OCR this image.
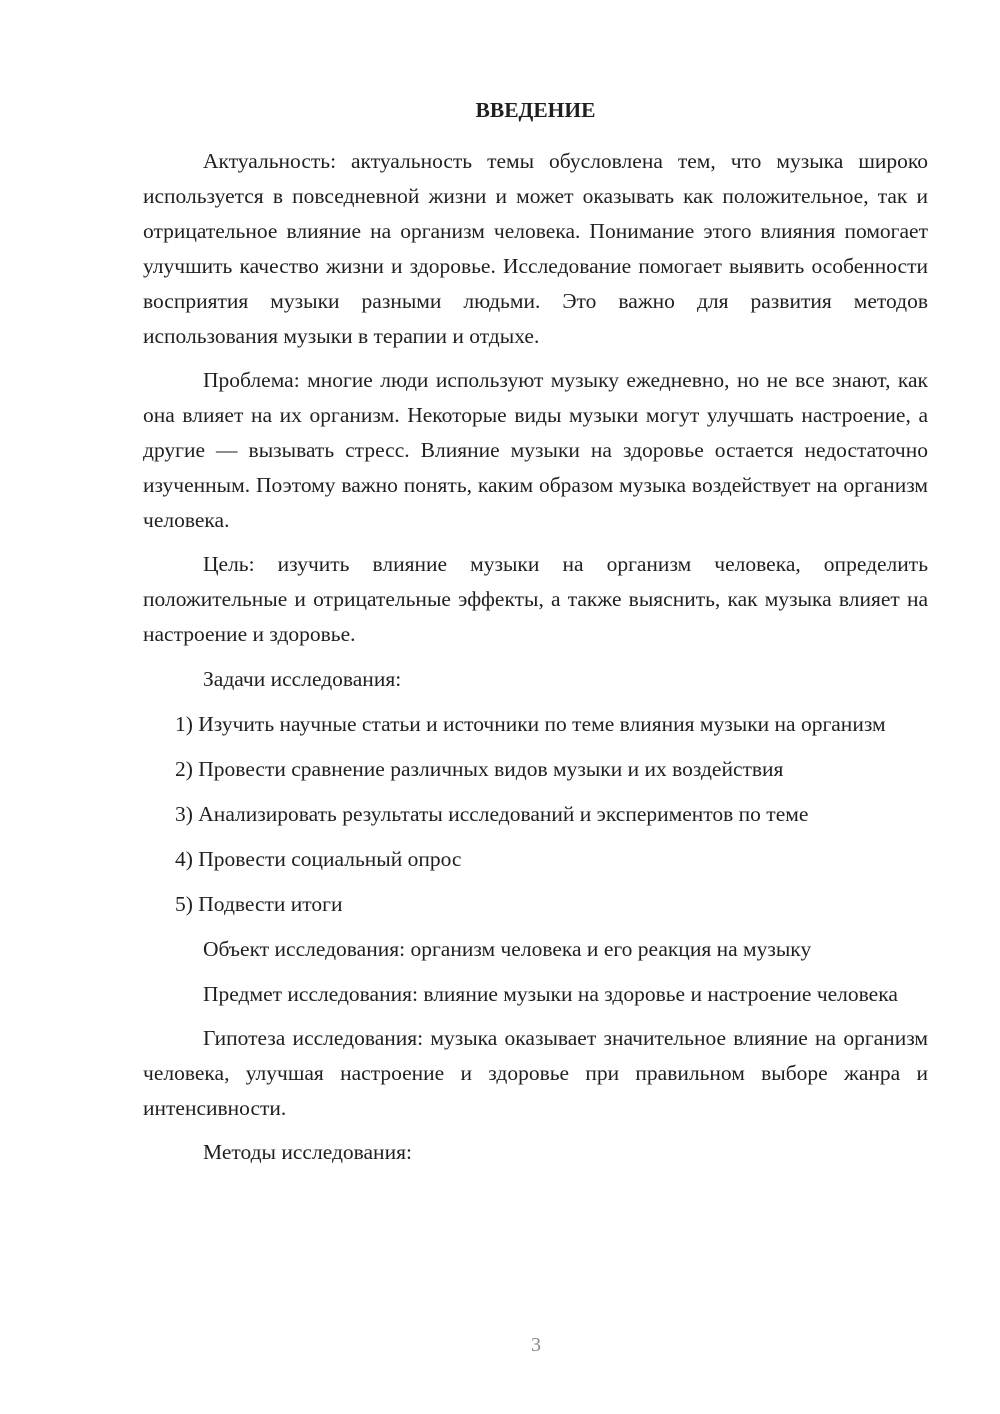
ВВЕДЕНИЕ

Актуальность: актуальность темы обусловлена тем, что музыка широко используется в повседневной жизни и может оказывать как положительное, так и отрицательное влияние на организм человека. Понимание этого влияния помогает улучшить качество жизни и здоровье. Исследование помогает выявить особенности восприятия музыки разными людьми. Это важно для развития методов использования музыки в терапии и отдыхе.

Проблема: многие люди используют музыку ежедневно, но не все знают, как она влияет на их организм. Некоторые виды музыки могут улучшать настроение, а другие — вызывать стресс. Влияние музыки на здоровье остается недостаточно изученным. Поэтому важно понять, каким образом музыка воздействует на организм человека.

Цель: изучить влияние музыки на организм человека, определить положительные и отрицательные эффекты, а также выяснить, как музыка влияет на настроение и здоровье.

Задачи исследования:

1) Изучить научные статьи и источники по теме влияния музыки на организм

2) Провести сравнение различных видов музыки и их воздействия

3) Анализировать результаты исследований и экспериментов по теме

4) Провести социальный опрос

5) Подвести итоги

Объект исследования: организм человека и его реакция на музыку

Предмет исследования: влияние музыки на здоровье и настроение человека

Гипотеза исследования: музыка оказывает значительное влияние на организм человека, улучшая настроение и здоровье при правильном выборе жанра и интенсивности.

Методы исследования:

3
